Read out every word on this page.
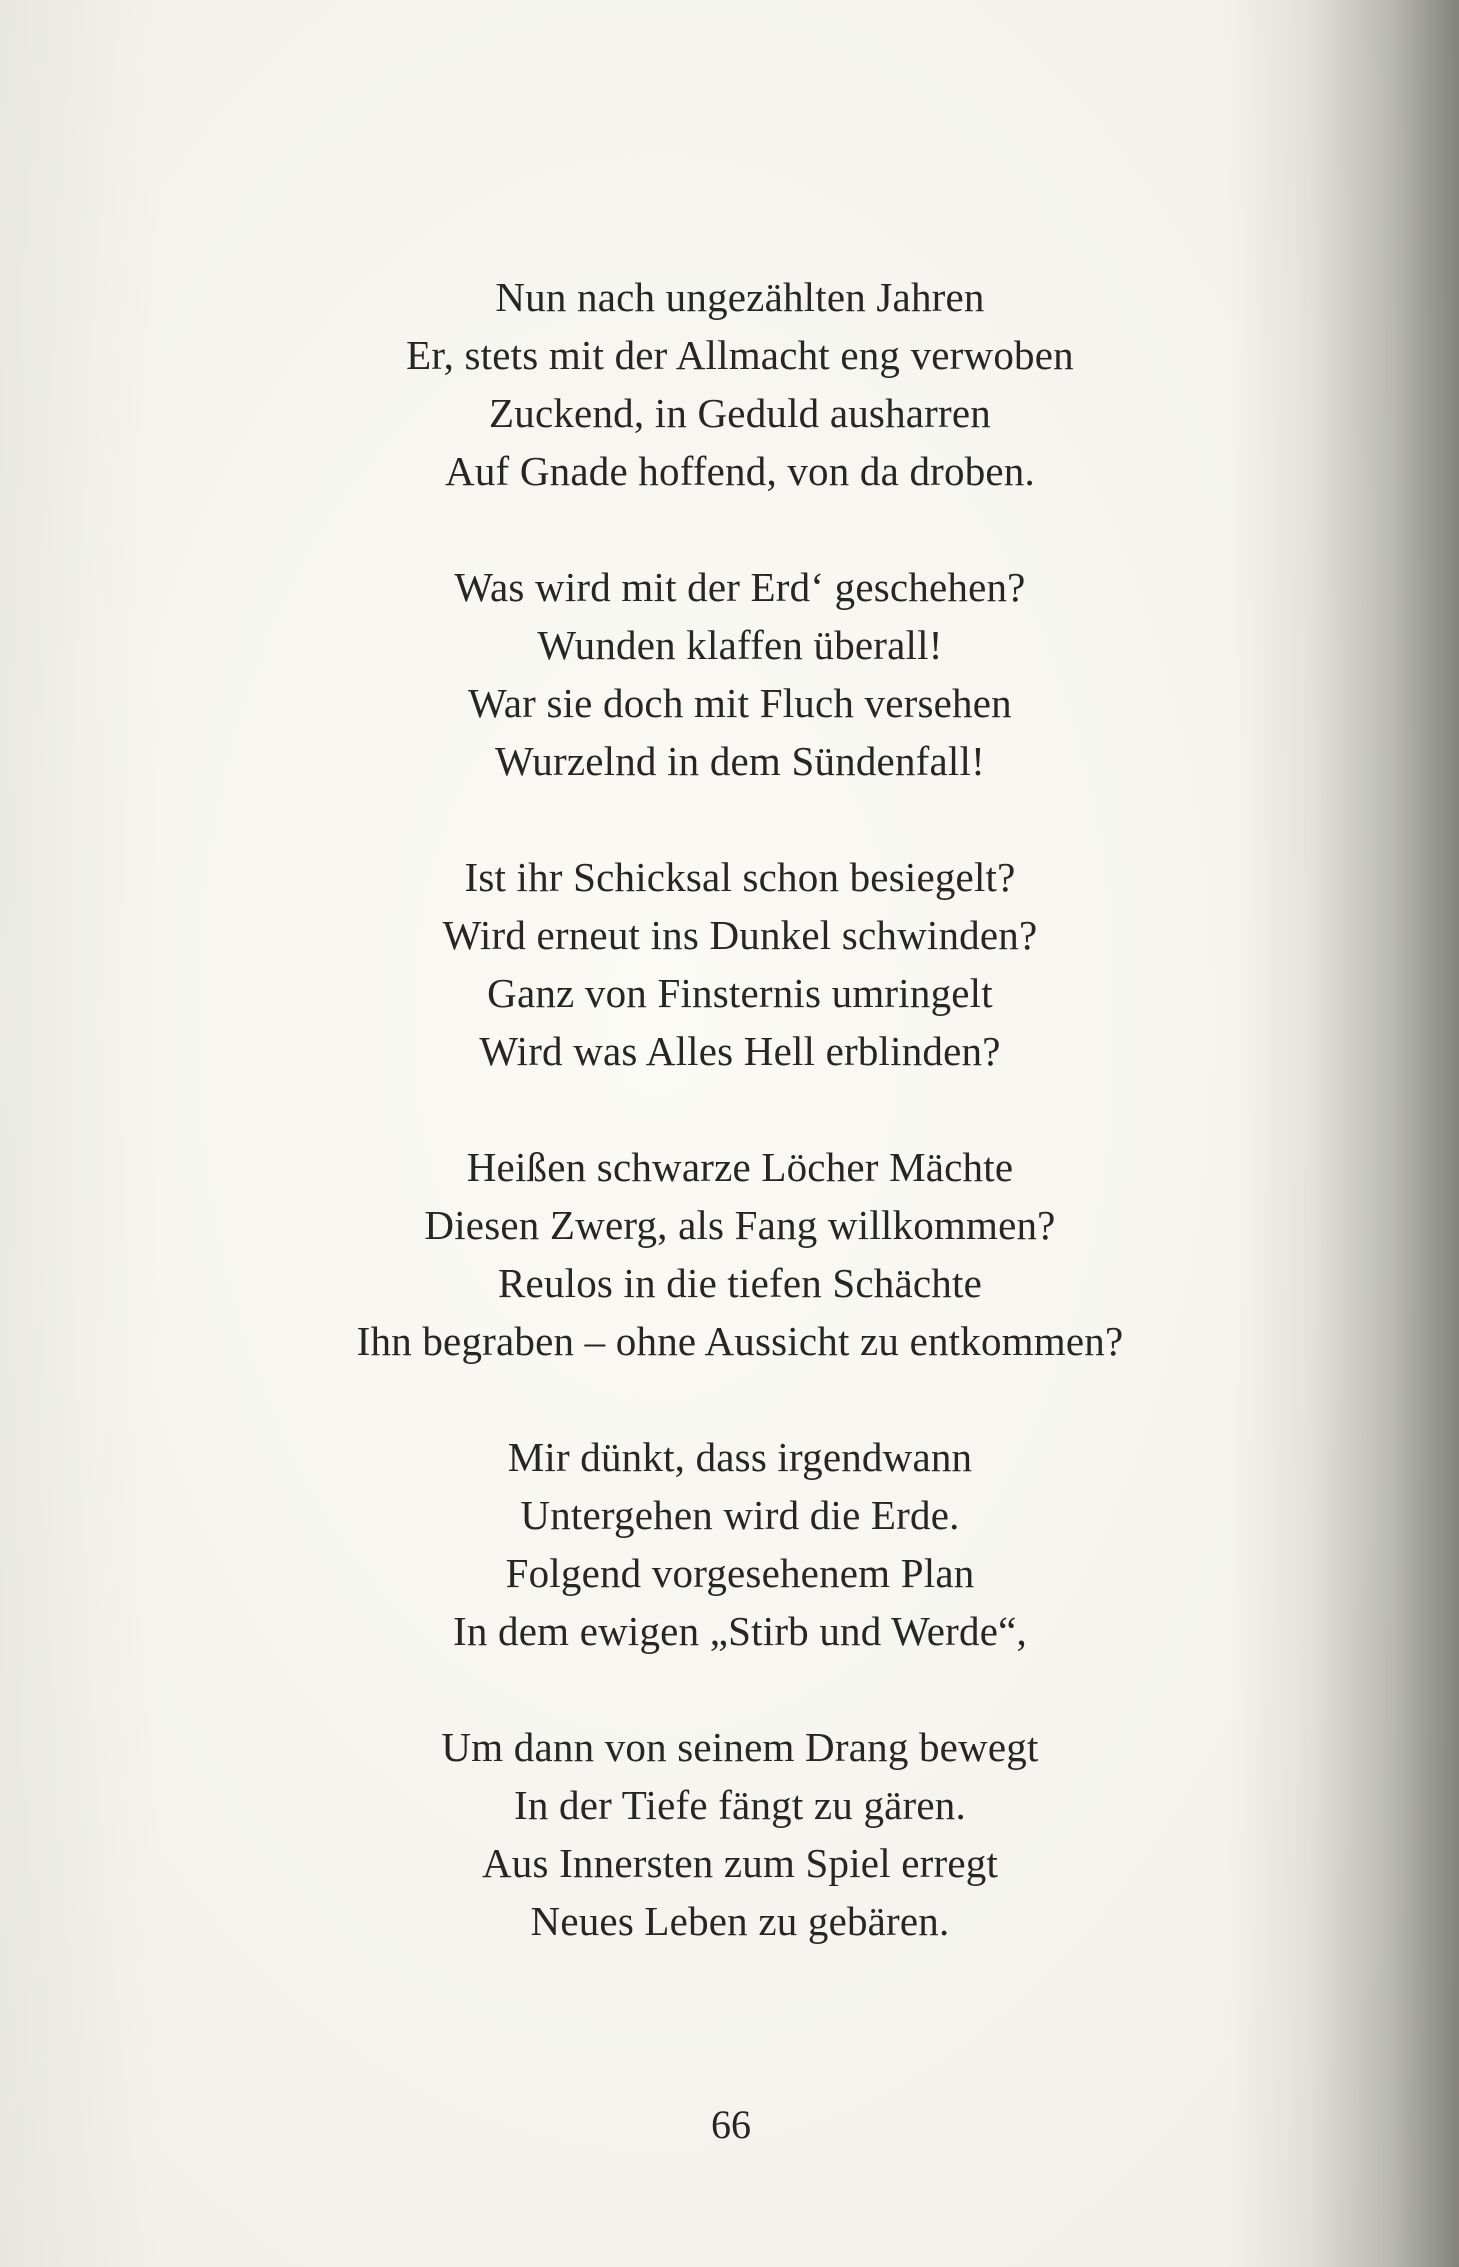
Nun nach ungezählten Jahren
Er, stets mit der Allmacht eng verwoben
Zuckend, in Geduld ausharren
Auf Gnade hoffend, von da droben.
Was wird mit der Erd‘ geschehen?
Wunden klaffen überall!
War sie doch mit Fluch versehen
Wurzelnd in dem Sündenfall!
Ist ihr Schicksal schon besiegelt?
Wird erneut ins Dunkel schwinden?
Ganz von Finsternis umringelt
Wird was Alles Hell erblinden?
Heißen schwarze Löcher Mächte
Diesen Zwerg, als Fang willkommen?
Reulos in die tiefen Schächte
Ihn begraben – ohne Aussicht zu entkommen?
Mir dünkt, dass irgendwann
Untergehen wird die Erde.
Folgend vorgesehenem Plan
In dem ewigen „Stirb und Werde“,
Um dann von seinem Drang bewegt
In der Tiefe fängt zu gären.
Aus Innersten zum Spiel erregt
Neues Leben zu gebären.
66
